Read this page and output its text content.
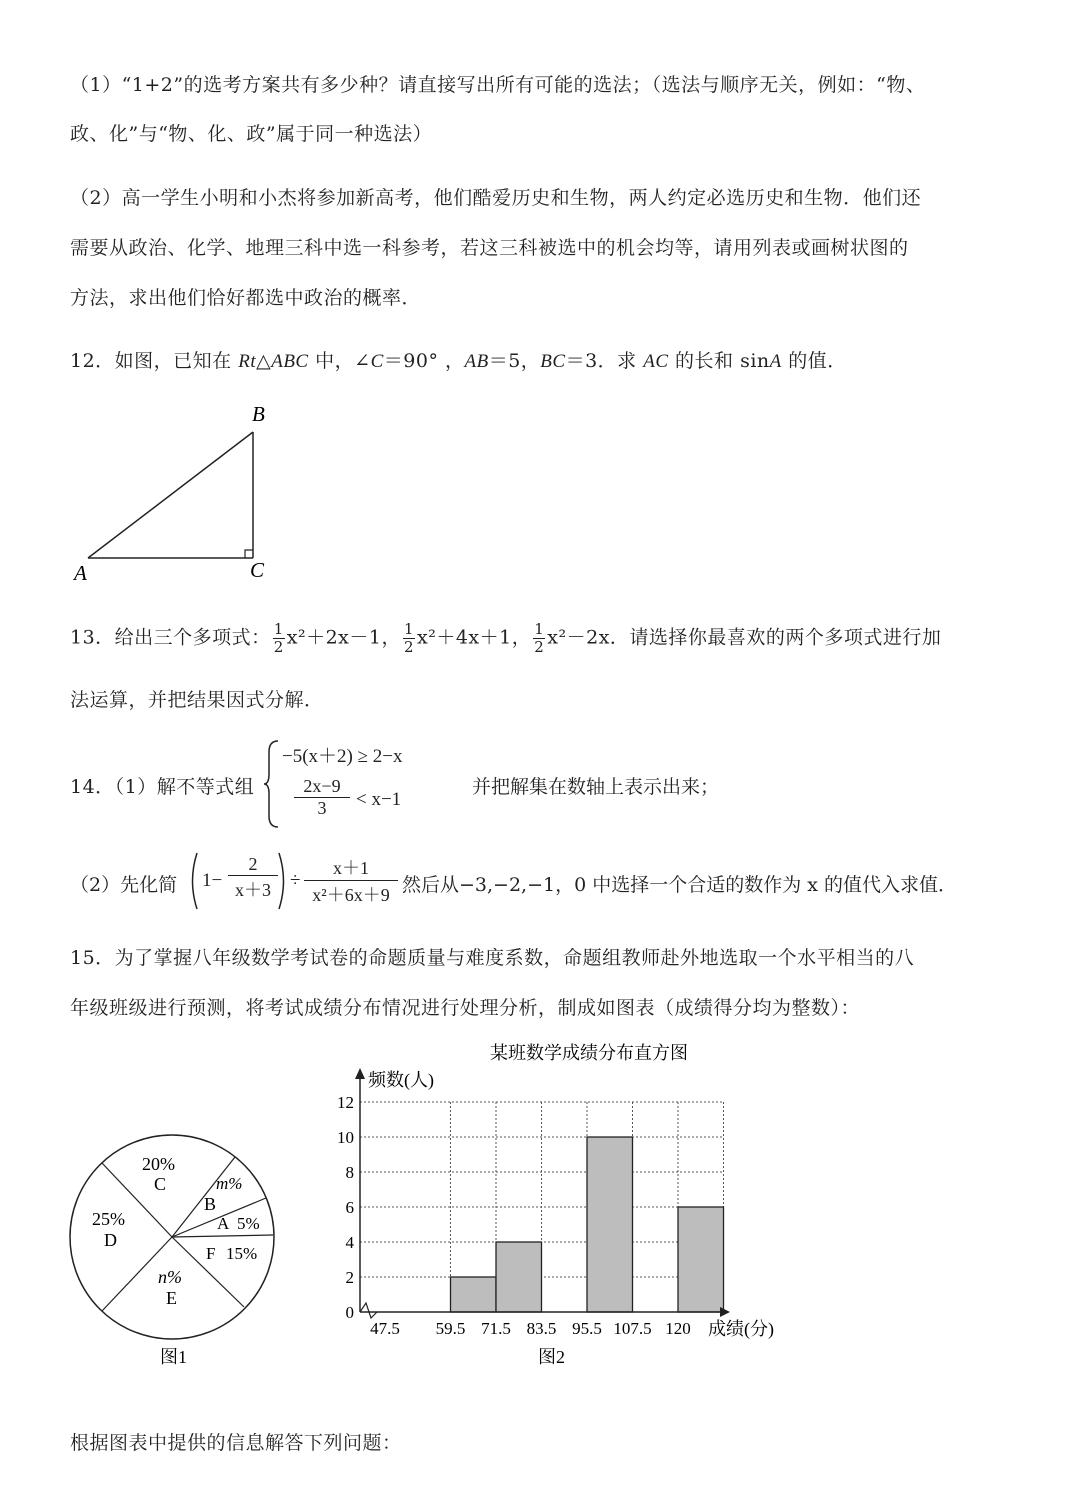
（1）“1+2”的选考方案共有多少种？请直接写出所有可能的选法；（选法与顺序无关，例如：“物、
政、化”与“物、化、政”属于同一种选法）
（2）高一学生小明和小杰将参加新高考，他们酷爱历史和生物，两人约定必选历史和生物．他们还
需要从政治、化学、地理三科中选一科参考，若这三科被选中的机会均等，请用列表或画树状图的
方法，求出他们恰好都选中政治的概率．
12．如图，已知在 Rt△ABC 中，∠C＝90° ，AB＝5，BC＝3．求 AC 的长和 sinA 的值．
B
A	C
13．给出三个多项式： $\frac{1}{2} x^2+2x-1$， $\frac{1}{2} x^2+4x+1$， $\frac{1}{2} x^2-2x$．请选择你最喜欢的两个多项式进行加
法运算，并把结果因式分解．
14．（1）解不等式组
−5(x＋2) ≥ 2−x
$\frac{2x-9}{3} < x-1$
并把解集在数轴上表示出来；
（2）先化简 $1- \frac{2}{x+3} \div \frac{x+1}{\text{x²＋6x＋9}}$ 然后从−3,−2,−1，0 中选择一个合适的数作为 x 的值代入求值．
15．为了掌握八年级数学考试卷的命题质量与难度系数，命题组教师赴外地选取一个水平相当的八
年级班级进行预测，将考试成绩分布情况进行处理分析，制成如图表（成绩得分均为整数）：
20%
C	m%
B
A 5%
F 15%
n%
E
25%
D
图1
某班数学成绩分布直方图
频数(人)
成绩(分)
图2
0
2
4
6
8
10
12
47.5 59.5 71.5 83.5 95.5 107.5 120
根据图表中提供的信息解答下列问题：
